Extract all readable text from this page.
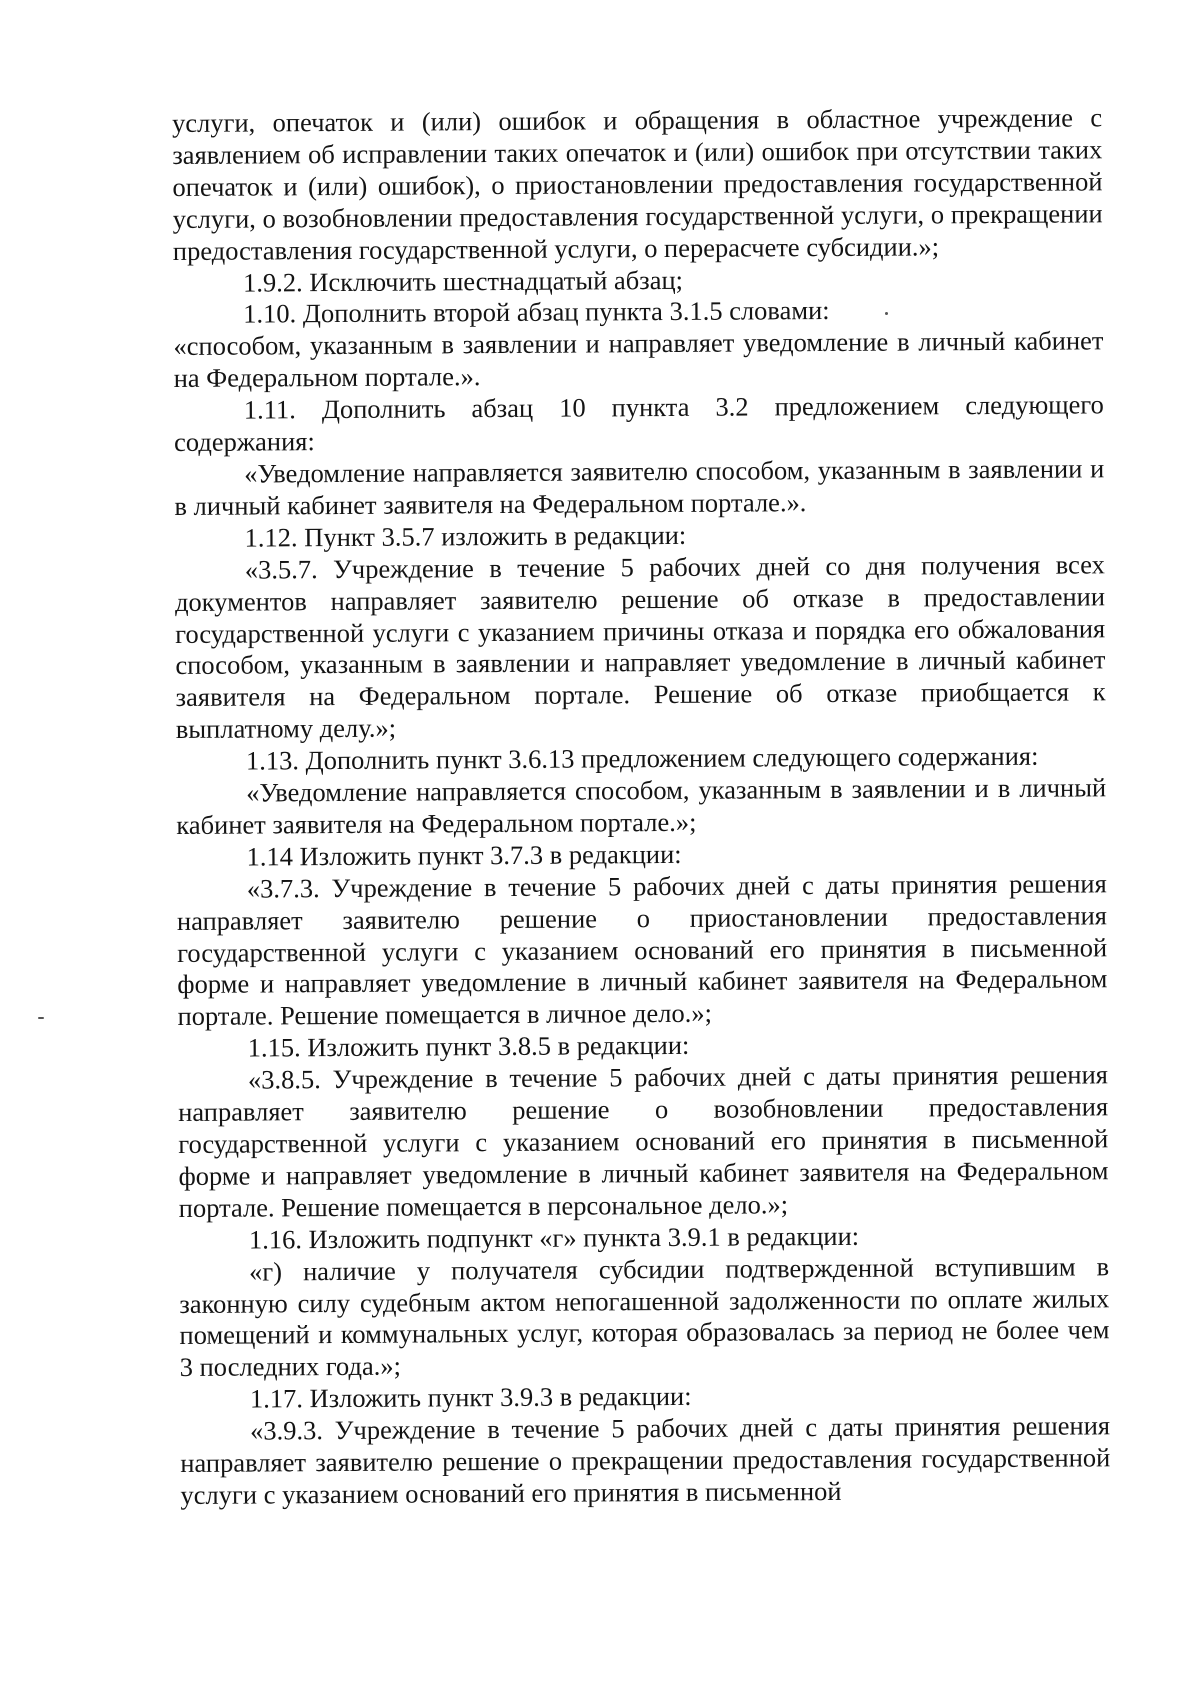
услуги, опечаток и (или) ошибок и обращения в областное учреждение с заявлением об исправлении таких опечаток и (или) ошибок при отсутствии таких опечаток и (или) ошибок), о приостановлении предоставления государственной услуги, о возобновлении предоставления государственной услуги, о прекращении предоставления государственной услуги, о перерасчете субсидии.»;

1.9.2. Исключить шестнадцатый абзац;

1.10. Дополнить второй абзац пункта 3.1.5 словами:

«способом, указанным в заявлении и направляет уведомление в личный кабинет на Федеральном портале.».

1.11. Дополнить абзац 10 пункта 3.2 предложением следующего содержания:

«Уведомление направляется заявителю способом, указанным в заявлении и в личный кабинет заявителя на Федеральном портале.».

1.12. Пункт 3.5.7 изложить в редакции:

«3.5.7. Учреждение в течение 5 рабочих дней со дня получения всех документов направляет заявителю решение об отказе в предоставлении государственной услуги с указанием причины отказа и порядка его обжалования способом, указанным в заявлении и направляет уведомление в личный кабинет заявителя на Федеральном портале. Решение об отказе приобщается к выплатному делу.»;

1.13. Дополнить пункт 3.6.13 предложением следующего содержания:

«Уведомление направляется способом, указанным в заявлении и в личный кабинет заявителя на Федеральном портале.»;

1.14 Изложить пункт 3.7.3 в редакции:

«3.7.3. Учреждение в течение 5 рабочих дней с даты принятия решения направляет заявителю решение о приостановлении предоставления государственной услуги с указанием оснований его принятия в письменной форме и направляет уведомление в личный кабинет заявителя на Федеральном портале. Решение помещается в личное дело.»;

1.15. Изложить пункт 3.8.5 в редакции:

«3.8.5. Учреждение в течение 5 рабочих дней с даты принятия решения направляет заявителю решение о возобновлении предоставления государственной услуги с указанием оснований его принятия в письменной форме и направляет уведомление в личный кабинет заявителя на Федеральном портале. Решение помещается в персональное дело.»;

1.16. Изложить подпункт «г» пункта 3.9.1 в редакции:

«г) наличие у получателя субсидии подтвержденной вступившим в законную силу судебным актом непогашенной задолженности по оплате жилых помещений и коммунальных услуг, которая образовалась за период не более чем 3 последних года.»;

1.17. Изложить пункт 3.9.3 в редакции:

«3.9.3. Учреждение в течение 5 рабочих дней с даты принятия решения направляет заявителю решение о прекращении предоставления государственной услуги с указанием оснований его принятия в письменной
